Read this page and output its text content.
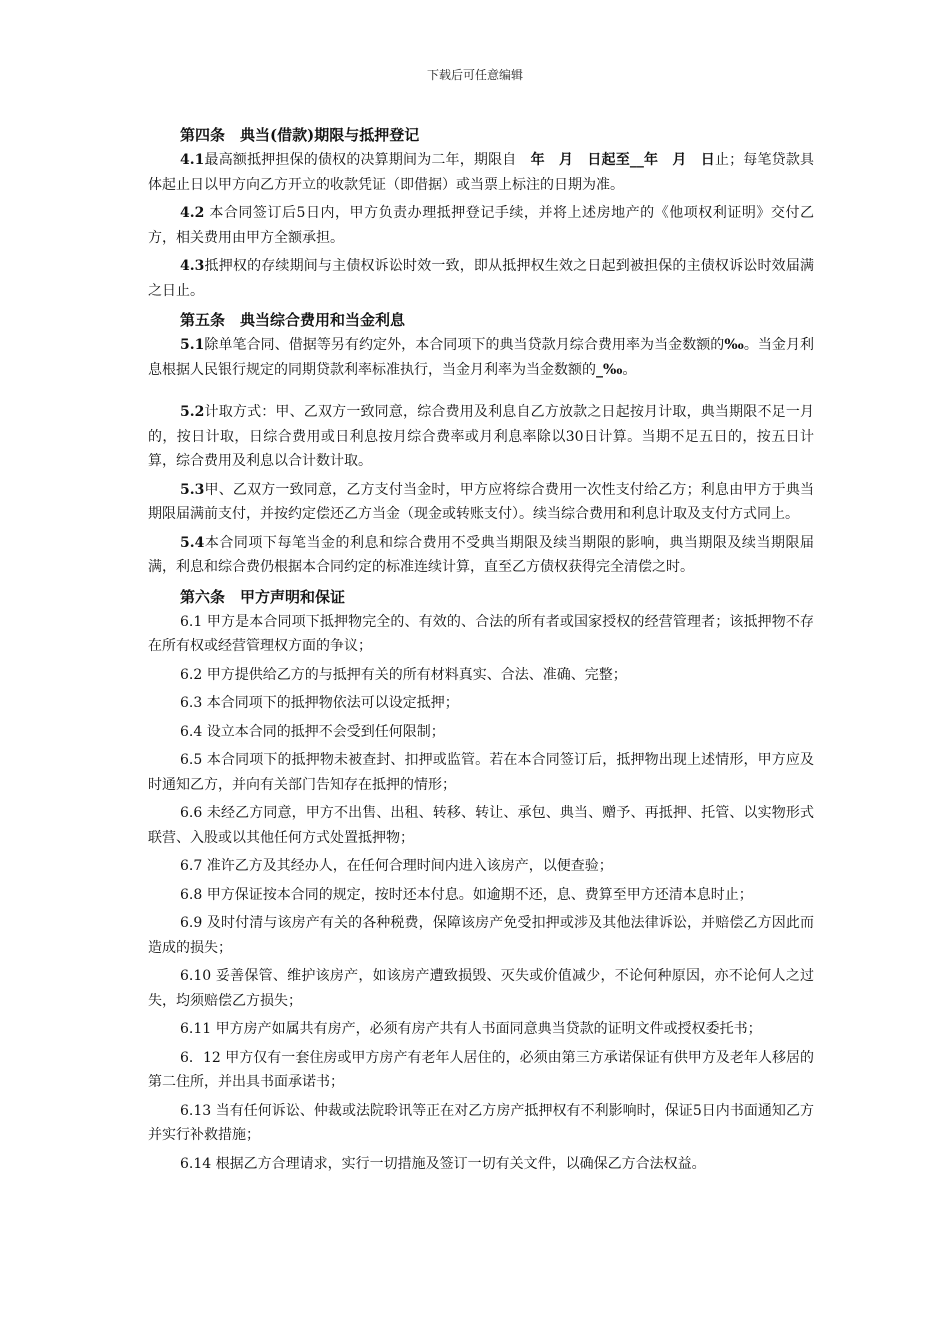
下载后可任意编辑
第四条　典当(借款)期限与抵押登记

4.1最高额抵押担保的债权的决算期间为二年，期限自　年　月　日起至__年　月　日止；每笔贷款具体起止日以甲方向乙方开立的收款凭证（即借据）或当票上标注的日期为准。

4.2 本合同签订后5日内，甲方负责办理抵押登记手续，并将上述房地产的《他项权利证明》交付乙方，相关费用由甲方全额承担。

4.3抵押权的存续期间与主债权诉讼时效一致，即从抵押权生效之日起到被担保的主债权诉讼时效届满之日止。

第五条　典当综合费用和当金利息

5.1除单笔合同、借据等另有约定外，本合同项下的典当贷款月综合费用率为当金数额的‰。当金月利息根据人民银行规定的同期贷款利率标准执行，当金月利率为当金数额的_‰。

5.2计取方式：甲、乙双方一致同意，综合费用及利息自乙方放款之日起按月计取，典当期限不足一月的，按日计取，日综合费用或日利息按月综合费率或月利息率除以30日计算。当期不足五日的，按五日计算，综合费用及利息以合计数计取。

5.3甲、乙双方一致同意，乙方支付当金时，甲方应将综合费用一次性支付给乙方；利息由甲方于典当期限届满前支付，并按约定偿还乙方当金（现金或转账支付）。续当综合费用和利息计取及支付方式同上。

5.4本合同项下每笔当金的利息和综合费用不受典当期限及续当期限的影响，典当期限及续当期限届满，利息和综合费仍根据本合同约定的标准连续计算，直至乙方债权获得完全清偿之时。

第六条　甲方声明和保证

6.1 甲方是本合同项下抵押物完全的、有效的、合法的所有者或国家授权的经营管理者；该抵押物不存在所有权或经营管理权方面的争议；

6.2 甲方提供给乙方的与抵押有关的所有材料真实、合法、准确、完整；

6.3 本合同项下的抵押物依法可以设定抵押；

6.4 设立本合同的抵押不会受到任何限制；

6.5 本合同项下的抵押物未被查封、扣押或监管。若在本合同签订后，抵押物出现上述情形，甲方应及时通知乙方，并向有关部门告知存在抵押的情形；

6.6 未经乙方同意，甲方不出售、出租、转移、转让、承包、典当、赠予、再抵押、托管、以实物形式联营、入股或以其他任何方式处置抵押物；

6.7 准许乙方及其经办人，在任何合理时间内进入该房产，以便查验；

6.8 甲方保证按本合同的规定，按时还本付息。如逾期不还，息、费算至甲方还清本息时止；

6.9 及时付清与该房产有关的各种税费，保障该房产免受扣押或涉及其他法律诉讼，并赔偿乙方因此而造成的损失；

6.10 妥善保管、维护该房产，如该房产遭致损毁、灭失或价值减少，不论何种原因，亦不论何人之过失，均须赔偿乙方损失；

6.11 甲方房产如属共有房产，必须有房产共有人书面同意典当贷款的证明文件或授权委托书；

6．12 甲方仅有一套住房或甲方房产有老年人居住的，必须由第三方承诺保证有供甲方及老年人移居的第二住所，并出具书面承诺书；

6.13 当有任何诉讼、仲裁或法院聆讯等正在对乙方房产抵押权有不利影响时，保证5日内书面通知乙方并实行补救措施；

6.14 根据乙方合理请求，实行一切措施及签订一切有关文件，以确保乙方合法权益。
